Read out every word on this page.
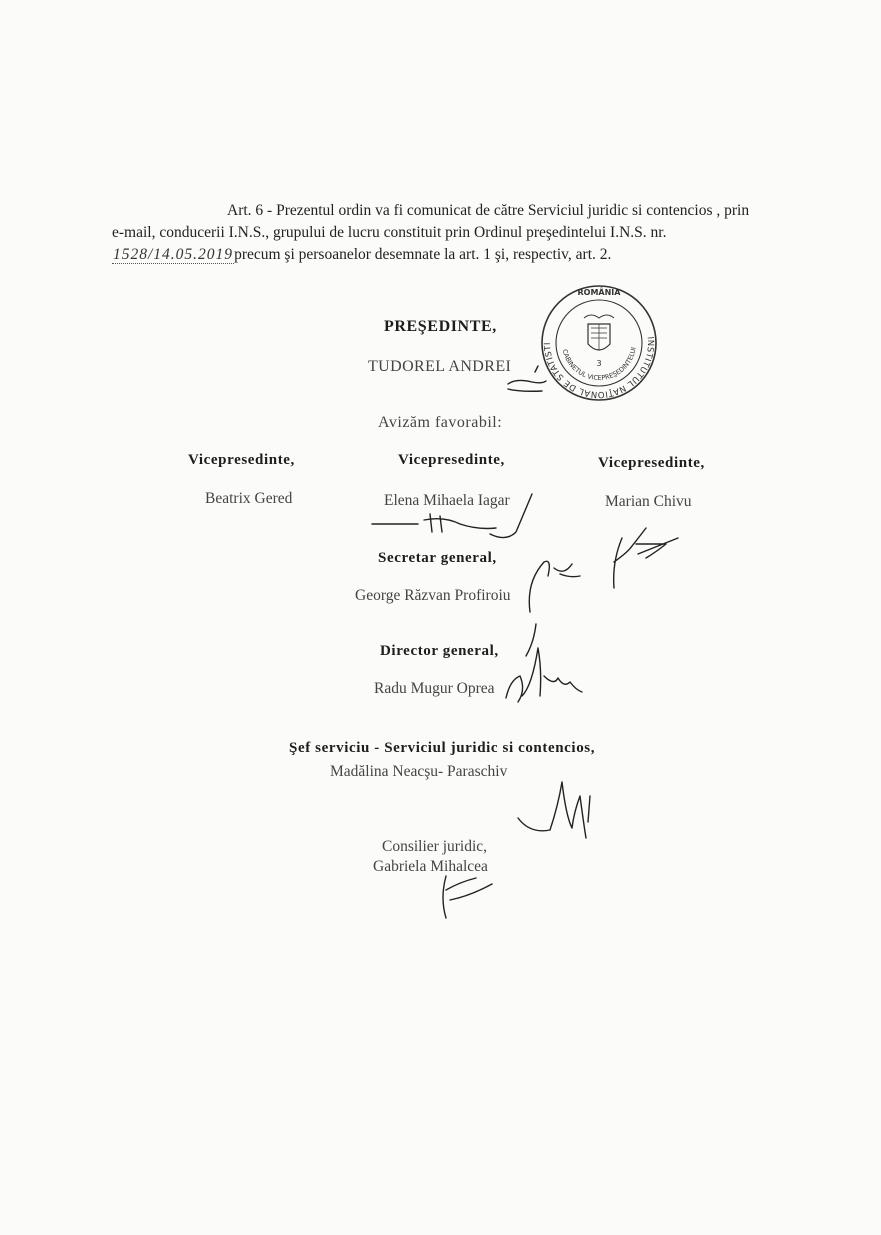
Art. 6 - Prezentul ordin va fi comunicat de către Serviciul juridic si contencios , prin

e-mail, conducerii I.N.S., grupului de lucru constituit prin Ordinul preşedintelui I.N.S. nr.

1528/14.05.2019precum şi persoanelor desemnate la art. 1 şi, respectiv, art. 2.

PREŞEDINTE,
TUDOREL ANDREI
INSTITUTUL NAŢIONAL DE STATISTICĂ
ROMÂNIA
CABINETUL VICEPREŞEDINTELUI
3
Avizăm favorabil:
Vicepresedinte,
Beatrix Gered
Vicepresedinte,
Elena Mihaela Iagar
Vicepresedinte,
Marian Chivu
Secretar general,
George Răzvan Profiroiu
Director general,
Radu Mugur Oprea
Şef serviciu - Serviciul juridic si contencios,
Madălina Neacşu- Paraschiv
Consilier juridic,
Gabriela Mihalcea
